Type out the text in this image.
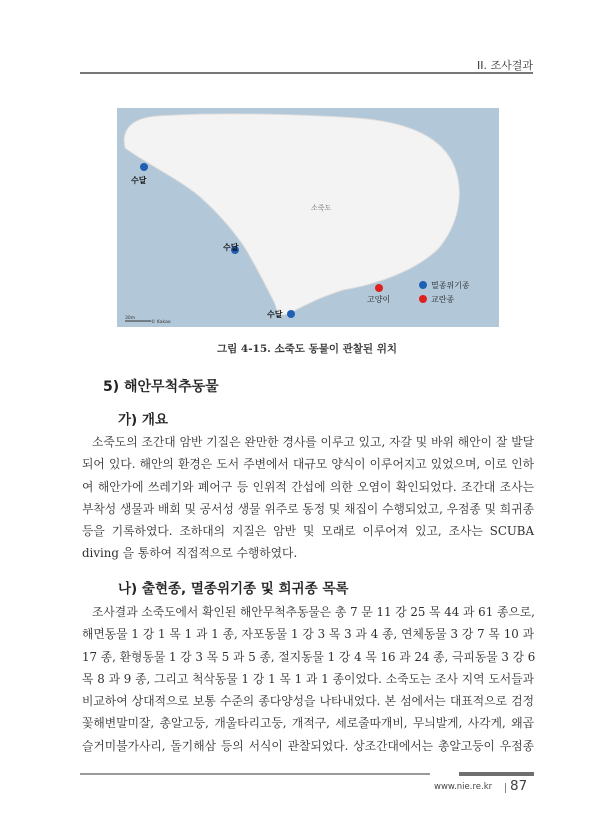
II. 조사결과
수달
수달
수달
고양이
소죽도
멸종위기종
교란종
30m
© Kakao
그림 4-15. 소죽도 동물이 관찰된 위치
5) 해안무척추동물
가) 개요
소죽도의 조간대 암반 기질은 완만한 경사를 이루고 있고, 자갈 및 바위 해안이 잘 발달
되어 있다. 해안의 환경은 도서 주변에서 대규모 양식이 이루어지고 있었으며, 이로 인하
여 해안가에 쓰레기와 폐어구 등 인위적 간섭에 의한 오염이 확인되었다. 조간대 조사는
부착성 생물과 배회 및 공서성 생물 위주로 동정 및 채집이 수행되었고, 우점종 및 희귀종
등을 기록하였다. 조하대의 지질은 암반 및 모래로 이루어져 있고, 조사는 SCUBA
diving 을 통하여 직접적으로 수행하였다.
나) 출현종, 멸종위기종 및 희귀종 목록
조사결과 소죽도에서 확인된 해안무척추동물은 총 7 문 11 강 25 목 44 과 61 종으로,
해면동물 1 강 1 목 1 과 1 종, 자포동물 1 강 3 목 3 과 4 종, 연체동물 3 강 7 목 10 과
17 종, 환형동물 1 강 3 목 5 과 5 종, 절지동물 1 강 4 목 16 과 24 종, 극피동물 3 강 6
목 8 과 9 종, 그리고 척삭동물 1 강 1 목 1 과 1 종이었다. 소죽도는 조사 지역 도서들과
비교하여 상대적으로 보통 수준의 종다양성을 나타내었다. 본 섬에서는 대표적으로 검정
꽃해변말미잘, 총알고둥, 개울타리고둥, 개적구, 세로줄따개비, 무늬발게, 사각게, 왜곱
슬거미불가사리, 돌기해삼 등의 서식이 관찰되었다. 상조간대에서는 총알고둥이 우점종
www.nie.re.kr 87
